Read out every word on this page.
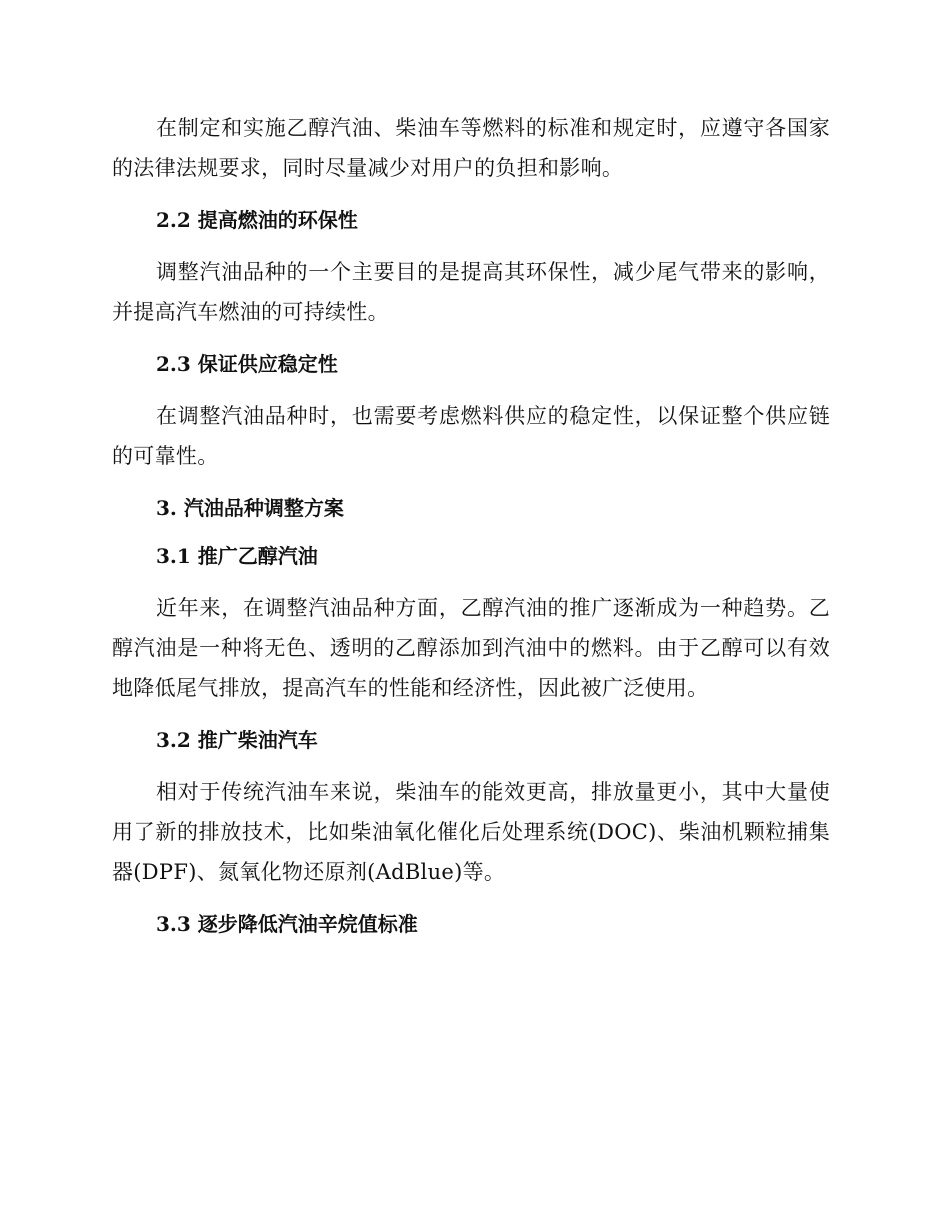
在制定和实施乙醇汽油、柴油车等燃料的标准和规定时，应遵守各国家的法律法规要求，同时尽量减少对用户的负担和影响。

2.2 提高燃油的环保性

调整汽油品种的一个主要目的是提高其环保性，减少尾气带来的影响，并提高汽车燃油的可持续性。

2.3 保证供应稳定性

在调整汽油品种时，也需要考虑燃料供应的稳定性，以保证整个供应链的可靠性。

3. 汽油品种调整方案

3.1 推广乙醇汽油

近年来，在调整汽油品种方面，乙醇汽油的推广逐渐成为一种趋势。乙醇汽油是一种将无色、透明的乙醇添加到汽油中的燃料。由于乙醇可以有效地降低尾气排放，提高汽车的性能和经济性，因此被广泛使用。

3.2 推广柴油汽车

相对于传统汽油车来说，柴油车的能效更高，排放量更小，其中大量使用了新的排放技术，比如柴油氧化催化后处理系统(DOC)、柴油机颗粒捕集器(DPF)、氮氧化物还原剂(AdBlue)等。

3.3 逐步降低汽油辛烷值标准
